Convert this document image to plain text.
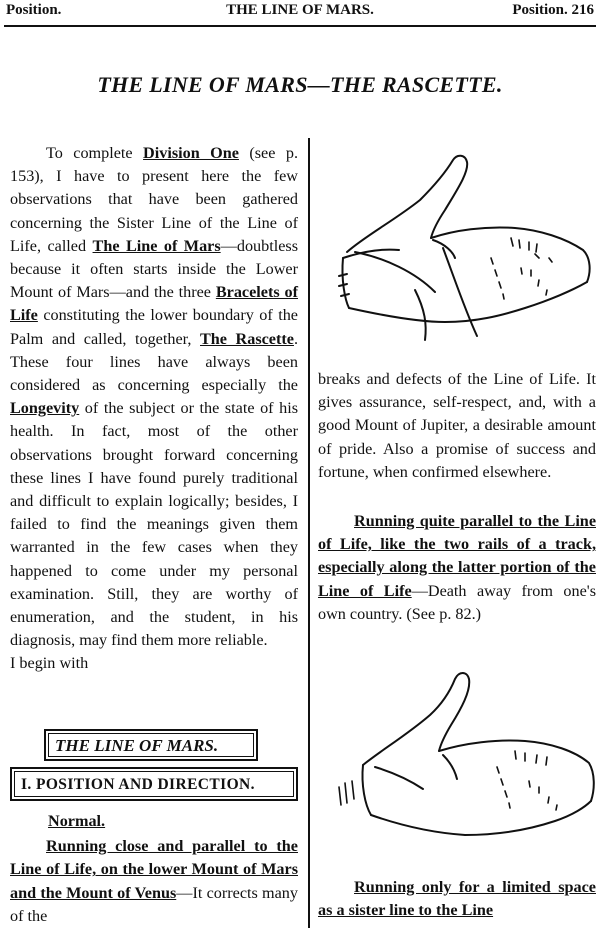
Position.	THE LINE OF MARS.	Position. 216
THE LINE OF MARS—THE RASCETTE.

To complete Division One (see p. 153), I have to present here the few observations that have been gathered concerning the Sister Line of the Line of Life, called The Line of Mars—doubtless because it often starts inside the Lower Mount of Mars—and the three Bracelets of Life constituting the lower boundary of the Palm and called, together, The Rascette. These four lines have always been considered as concerning especially the Longevity of the subject or the state of his health. In fact, most of the other observations brought forward concerning these lines I have found purely traditional and difficult to explain logically; besides, I failed to find the meanings given them warranted in the few cases when they happened to come under my personal examination. Still, they are worthy of enumeration, and the student, in his diagnosis, may find them more reliable.

I begin with

THE LINE OF MARS.
I. POSITION AND DIRECTION.

Normal.

Running close and parallel to the Line of Life, on the lower Mount of Mars and the Mount of Venus—It corrects many of the

breaks and defects of the Line of Life. It gives assurance, self-respect, and, with a good Mount of Jupiter, a desirable amount of pride. Also a promise of success and fortune, when confirmed elsewhere.

Running quite parallel to the Line of Life, like the two rails of a track, especially along the latter portion of the Line of Life—Death away from one's own country. (See p. 82.)

Running only for a limited space as a sister line to the Line
